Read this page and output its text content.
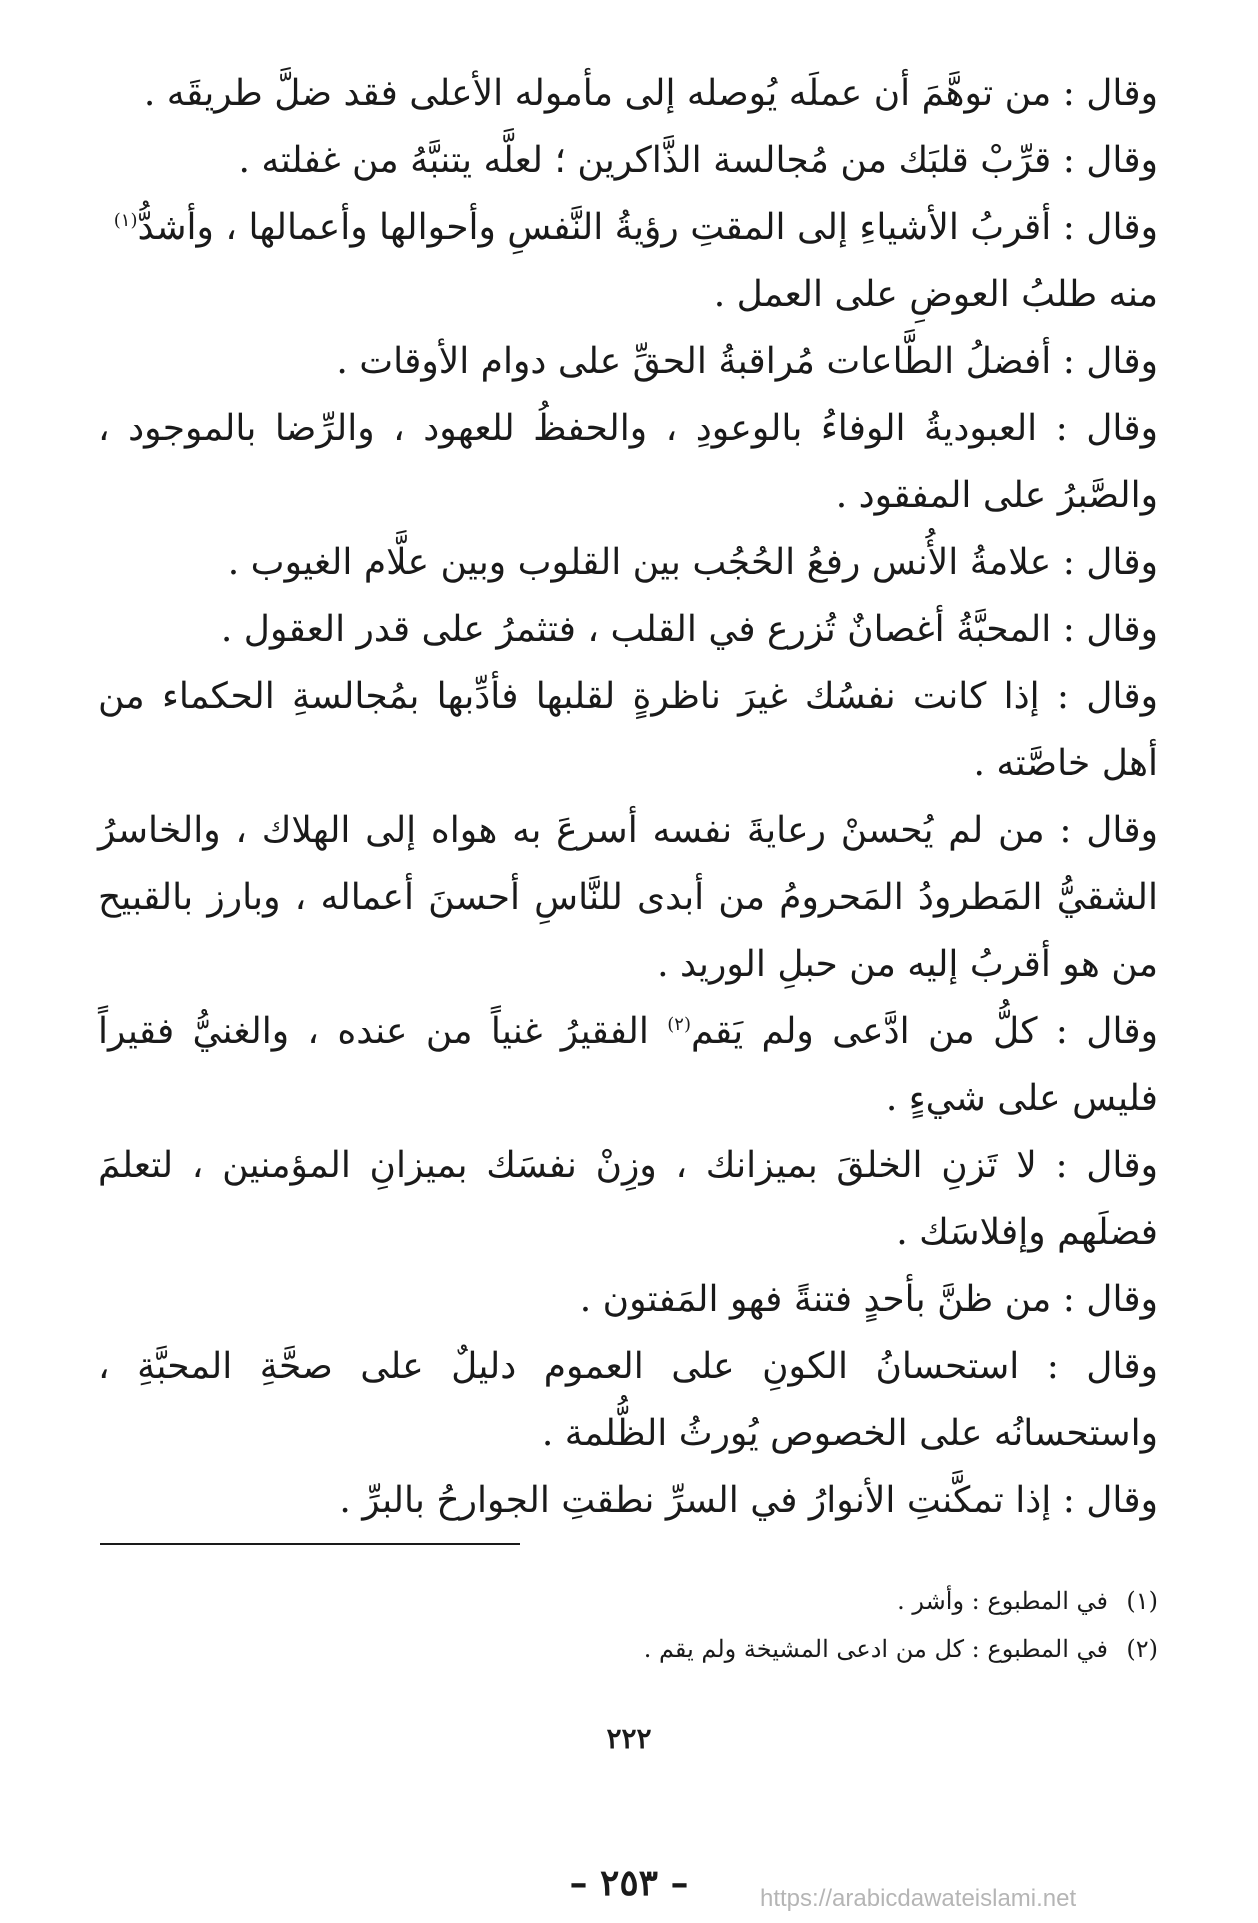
وقال : من توهَّمَ أن عملَه يُوصله إلى مأموله الأعلى فقد ضلَّ طريقَه .

وقال : قرِّبْ قلبَك من مُجالسة الذَّاكرين ؛ لعلَّه يتنبَّهُ من غفلته .

وقال : أقربُ الأشياءِ إلى المقتِ رؤيةُ النَّفسِ وأحوالها وأعمالها ، وأشدُّ$^{(١)}$

منه طلبُ العوضِ على العمل .

وقال : أفضلُ الطَّاعات مُراقبةُ الحقِّ على دوام الأوقات .

وقال : العبوديةُ الوفاءُ بالوعودِ ، والحفظُ للعهود ، والرِّضا بالموجود ، والصَّبرُ على المفقود .

وقال : علامةُ الأُنس رفعُ الحُجُب بين القلوب وبين علَّام الغيوب .

وقال : المحبَّةُ أغصانٌ تُزرع في القلب ، فتثمرُ على قدر العقول .

وقال : إذا كانت نفسُك غيرَ ناظرةٍ لقلبها فأدِّبها بمُجالسةِ الحكماء من أهل خاصَّته .

وقال : من لم يُحسنْ رعايةَ نفسه أسرعَ به هواه إلى الهلاك ، والخاسرُ الشقيُّ المَطرودُ المَحرومُ من أبدى للنَّاسِ أحسنَ أعماله ، وبارز بالقبيح من هو أقربُ إليه من حبلِ الوريد .

وقال : كلُّ من ادَّعى ولم يَقم$^{(٢)}$ الفقيرُ غنياً من عنده ، والغنيُّ فقيراً فليس على شيءٍ .

وقال : لا تَزنِ الخلقَ بميزانك ، وزِنْ نفسَك بميزانِ المؤمنين ، لتعلمَ فضلَهم وإفلاسَك .

وقال : من ظنَّ بأحدٍ فتنةً فهو المَفتون .

وقال : استحسانُ الكونِ على العموم دليلٌ على صحَّةِ المحبَّةِ ، واستحسانُه على الخصوص يُورثُ الظُّلمة .

وقال : إذا تمكَّنتِ الأنوارُ في السرِّ نطقتِ الجوارحُ بالبرِّ .

(١)في المطبوع : وأشر .
(٢)في المطبوع : كل من ادعى المشيخة ولم يقم .
٢٢٢
– ٢٥٣ –	https://arabicdawateislami.net
